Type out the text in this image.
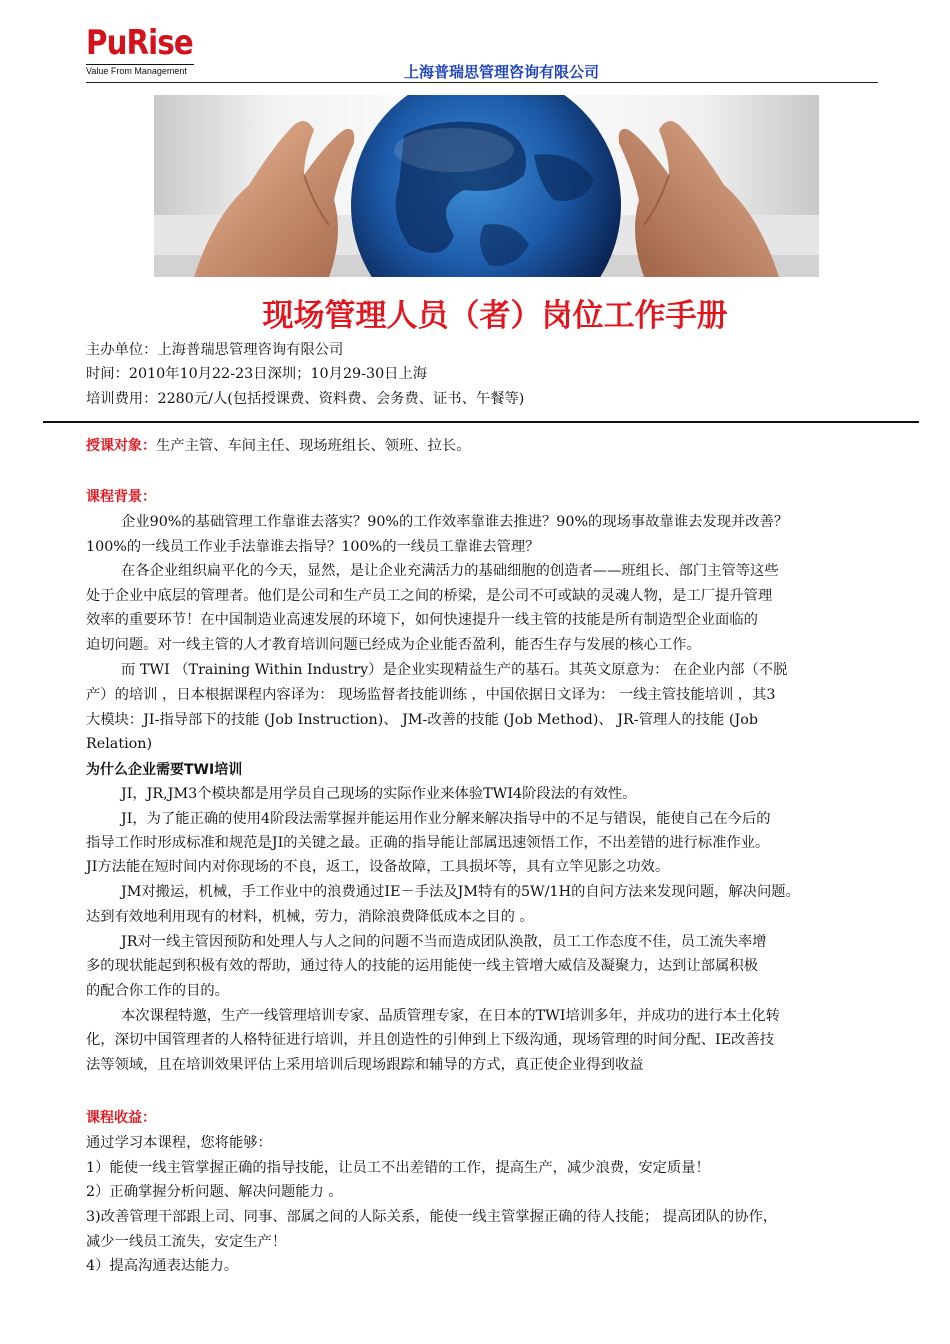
PuRise
Value From Management	上海普瑞思管理咨询有限公司
现场管理人员（者）岗位工作手册
主办单位：上海普瑞思管理咨询有限公司
时间：2010年10月22-23日深圳；10月29-30日上海
培训费用：2280元/人(包括授课费、资料费、会务费、证书、午餐等)
授课对象：生产主管、车间主任、现场班组长、领班、拉长。
课程背景：
企业90%的基础管理工作靠谁去落实？90%的工作效率靠谁去推进？90%的现场事故靠谁去发现并改善？
100%的一线员工作业手法靠谁去指导？100%的一线员工靠谁去管理？
在各企业组织扁平化的今天，显然，是让企业充满活力的基础细胞的创造者——班组长、部门主管等这些
处于企业中底层的管理者。他们是公司和生产员工之间的桥梁，是公司不可或缺的灵魂人物，是工厂提升管理
效率的重要环节！在中国制造业高速发展的环境下，如何快速提升一线主管的技能是所有制造型企业面临的
迫切问题。对一线主管的人才教育培训问题已经成为企业能否盈利，能否生存与发展的核心工作。
而 TWI （Training Within Industry）是企业实现精益生产的基石。其英文原意为： 在企业内部（不脱
产）的培训 ，日本根据课程内容译为： 现场监督者技能训练 ，中国依据日文译为： 一线主管技能培训 ，其3
大模块：JI-指导部下的技能 (Job Instruction)、 JM-改善的技能 (Job Method)、 JR-管理人的技能 (Job
Relation)
为什么企业需要TWI培训
JI，JR,JM3个模块都是用学员自己现场的实际作业来体验TWI4阶段法的有效性。
JI，为了能正确的使用4阶段法需掌握并能运用作业分解来解决指导中的不足与错误，能使自己在今后的
指导工作时形成标准和规范是JI的关键之最。正确的指导能让部属迅速领悟工作，不出差错的进行标准作业。
JI方法能在短时间内对你现场的不良，返工，设备故障，工具损坏等，具有立竿见影之功效。
JM对搬运，机械，手工作业中的浪费通过IE－手法及JM特有的5W/1H的自问方法来发现问题，解决问题。
达到有效地利用现有的材料，机械，劳力，消除浪费降低成本之目的 。
JR对一线主管因预防和处理人与人之间的问题不当而造成团队涣散，员工工作态度不佳，员工流失率增
多的现状能起到积极有效的帮助，通过待人的技能的运用能使一线主管增大威信及凝聚力，达到让部属积极
的配合你工作的目的。
本次课程特邀，生产一线管理培训专家、品质管理专家，在日本的TWI培训多年，并成功的进行本土化转
化，深切中国管理者的人格特征进行培训，并且创造性的引伸到上下级沟通，现场管理的时间分配、IE改善技
法等领域，且在培训效果评估上采用培训后现场跟踪和辅导的方式，真正使企业得到收益
课程收益：
通过学习本课程，您将能够：
1）能使一线主管掌握正确的指导技能，让员工不出差错的工作，提高生产，减少浪费，安定质量！
2）正确掌握分析问题、解决问题能力 。
3)改善管理干部跟上司、同事、部属之间的人际关系，能使一线主管掌握正确的待人技能； 提高团队的协作，
减少一线员工流失，安定生产！
4）提高沟通表达能力。
